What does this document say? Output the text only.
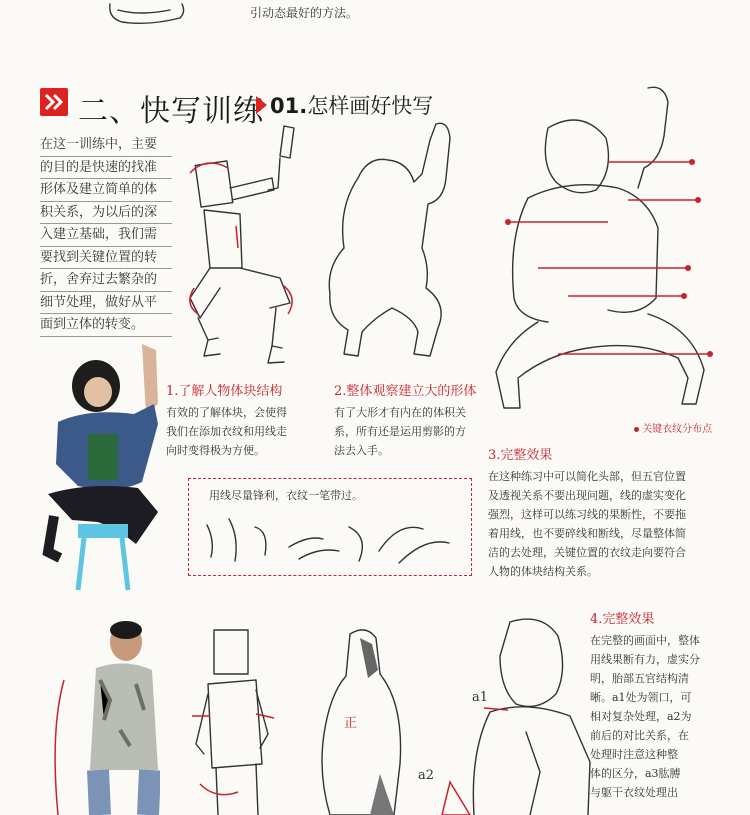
引动态最好的方法。
二、快写训练 01.怎样画好快写
在这一训练中，主要
的目的是快速的找准
形体及建立简单的体
积关系，为以后的深
入建立基础，我们需
要找到关键位置的转
折，舍弃过去繁杂的
细节处理，做好从平
面到立体的转变。
1.了解人物体块结构
有效的了解体块，会使得
我们在添加衣纹和用线走
向时变得极为方便。
2.整体观察建立大的形体
有了大形才有内在的体积关
系，所有还是运用剪影的方
法去入手。
关键衣纹分布点
3.完整效果
在这种练习中可以简化头部，但五官位置
及透视关系不要出现问题，线的虚实变化
强烈，这样可以练习线的果断性，不要拖
着用线，也不要碎线和断线，尽量整体简
洁的去处理，关键位置的衣纹走向要符合
人物的体块结构关系。
用线尽量锋利，衣纹一笔带过。
正
a1
a2
4.完整效果
在完整的画面中，整体
用线果断有力，虚实分
明，胎部五官结构清
晰。a1处为领口，可
相对复杂处理，a2为
前后的对比关系，在
处理时注意这种整
体的区分，a3肱膊
与躯干衣纹处理出
